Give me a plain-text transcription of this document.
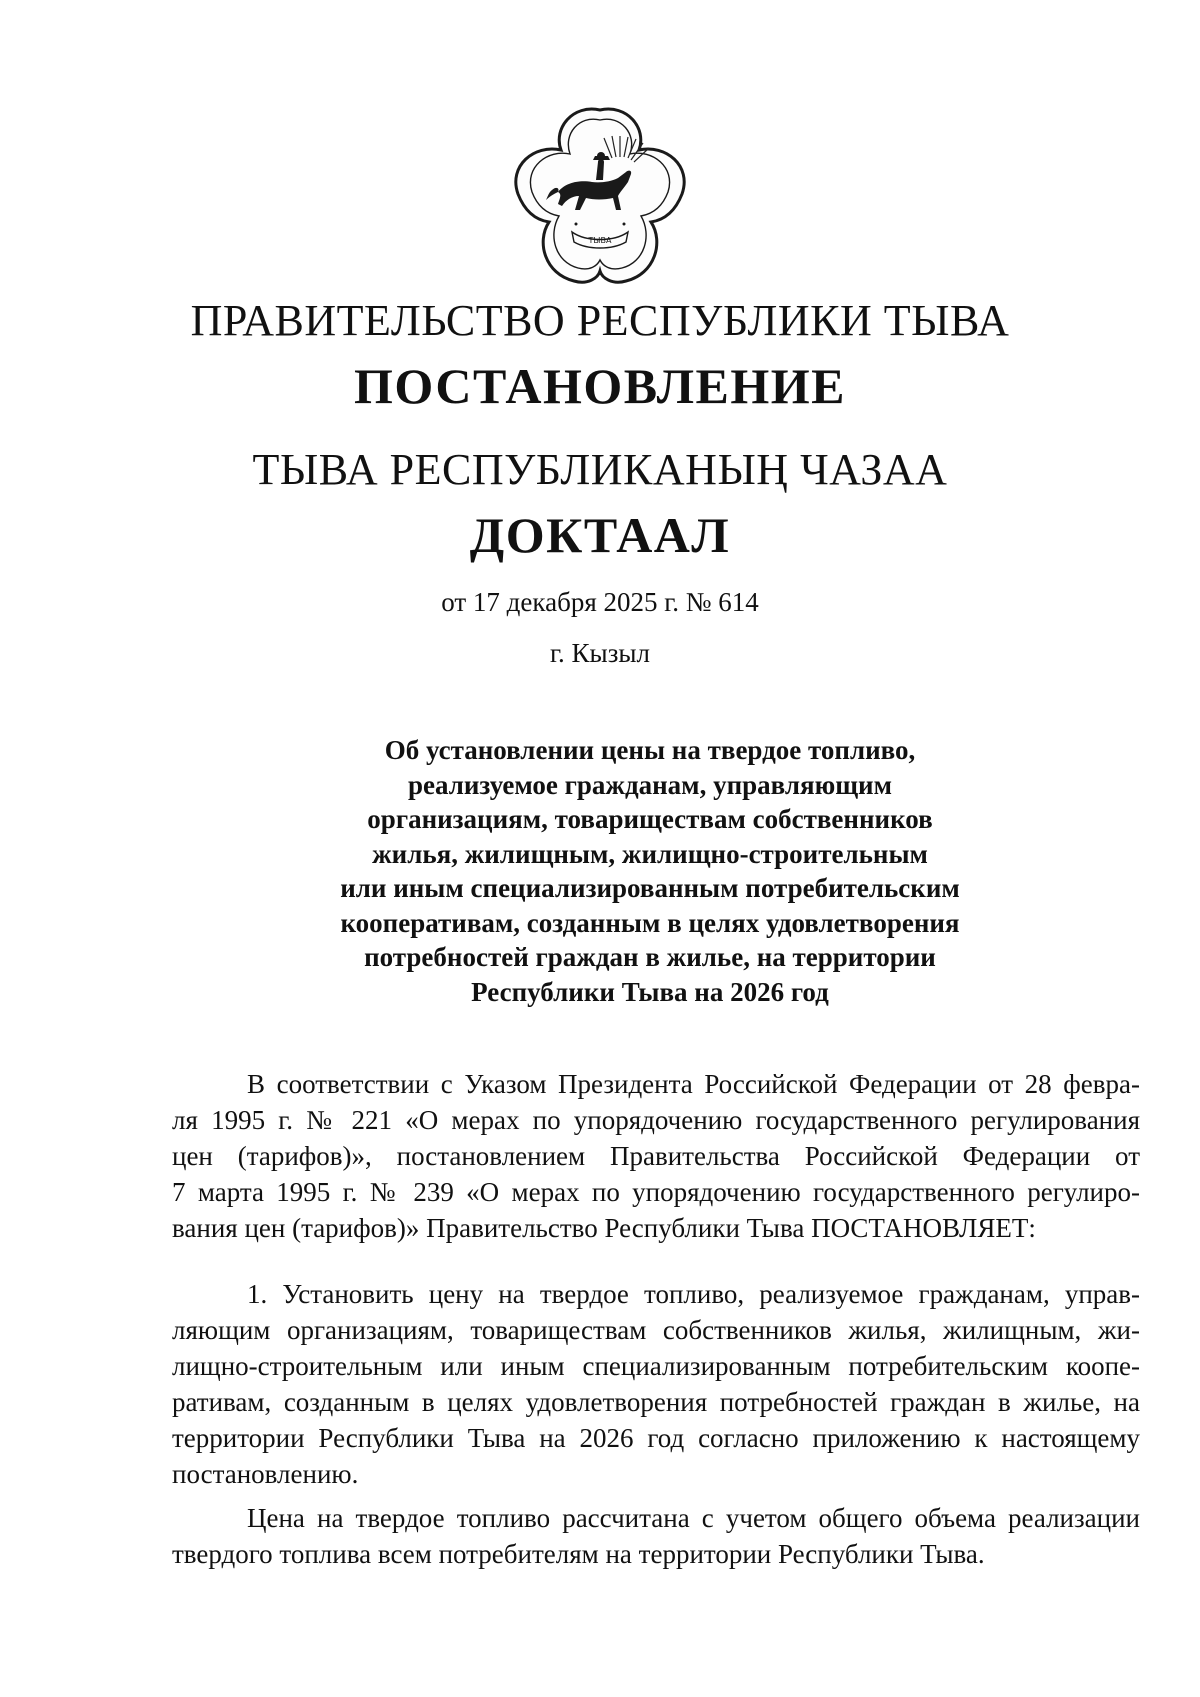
ТЫВА
ПРАВИТЕЛЬСТВО РЕСПУБЛИКИ ТЫВА
ПОСТАНОВЛЕНИЕ
ТЫВА РЕСПУБЛИКАНЫҢ ЧАЗАА
ДОКТААЛ
от 17 декабря 2025 г. № 614
г. Кызыл
Об установлении цены на твердое топливо,
реализуемое гражданам, управляющим
организациям, товариществам собственников
жилья, жилищным, жилищно-строительным
или иным специализированным потребительским
кооперативам, созданным в целях удовлетворения
потребностей граждан в жилье, на территории
Республики Тыва на 2026 год
В соответствии с Указом Президента Российской Федерации от 28 февра-
ля 1995 г. № 221 «О мерах по упорядочению государственного регулирования
цен (тарифов)», постановлением Правительства Российской Федерации от
7 марта 1995 г. № 239 «О мерах по упорядочению государственного регулиро-
вания цен (тарифов)» Правительство Республики Тыва ПОСТАНОВЛЯЕТ:
1. Установить цену на твердое топливо, реализуемое гражданам, управ-
ляющим организациям, товариществам собственников жилья, жилищным, жи-
лищно-строительным или иным специализированным потребительским коопе-
ративам, созданным в целях удовлетворения потребностей граждан в жилье, на
территории Республики Тыва на 2026 год согласно приложению к настоящему
постановлению.
Цена на твердое топливо рассчитана с учетом общего объема реализации
твердого топлива всем потребителям на территории Республики Тыва.
